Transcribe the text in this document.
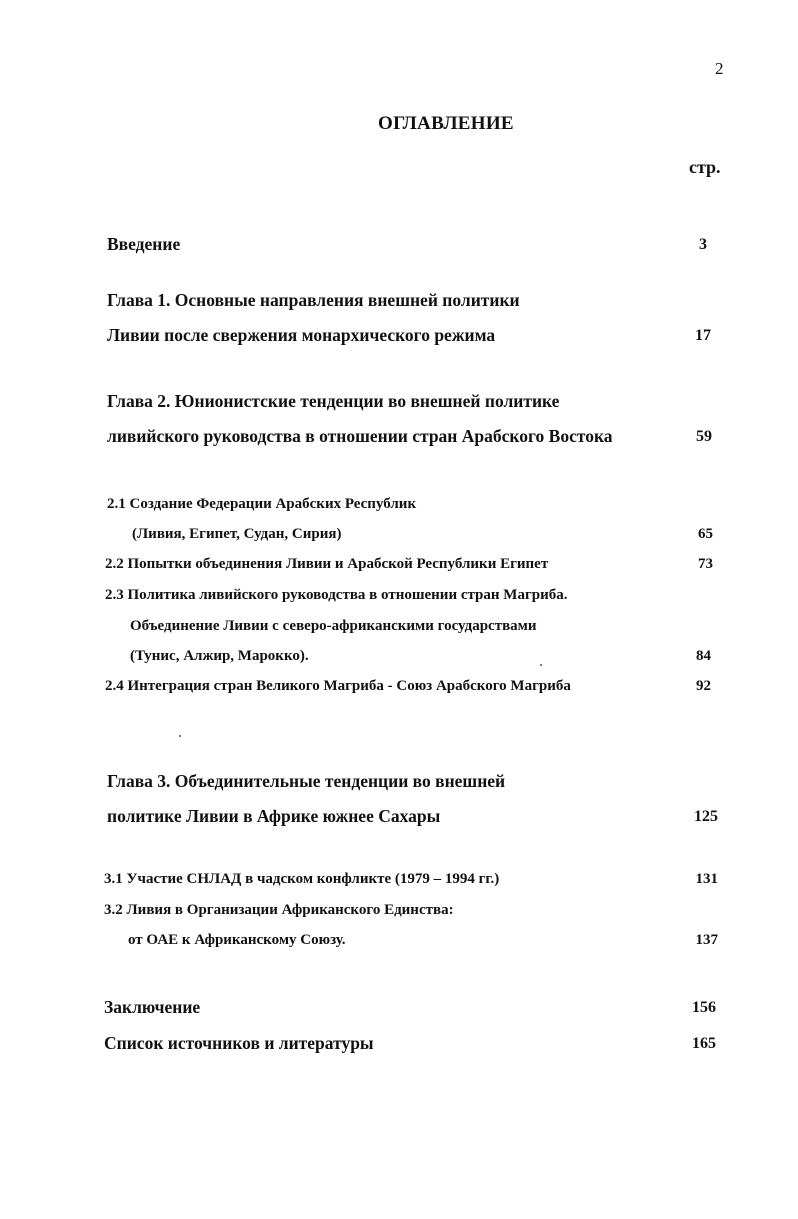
2
ОГЛАВЛЕНИЕ
стр.
Введение	3
Глава 1. Основные направления внешней политики
Ливии после свержения монархического режима	17
Глава 2. Юнионистские тенденции во внешней политике
ливийского руководства в отношении стран Арабского Востока	59
2.1 Создание Федерации Арабских Республик
(Ливия, Египет, Судан, Сирия)	65
2.2 Попытки объединения Ливии и Арабской Республики Египет	73
2.3 Политика ливийского руководства в отношении стран Магриба.
Объединение Ливии с северо-африканскими государствами
(Тунис, Алжир, Марокко).	84
2.4 Интеграция стран Великого Магриба - Союз Арабского Магриба	92
Глава 3. Объединительные тенденции во внешней
политике Ливии в Африке южнее Сахары	125
3.1 Участие СНЛАД в чадском конфликте (1979 – 1994 гг.)	131
3.2 Ливия в Организации Африканского Единства:
от ОАЕ к Африканскому Союзу.	137
Заключение	156
Список источников и литературы	165
